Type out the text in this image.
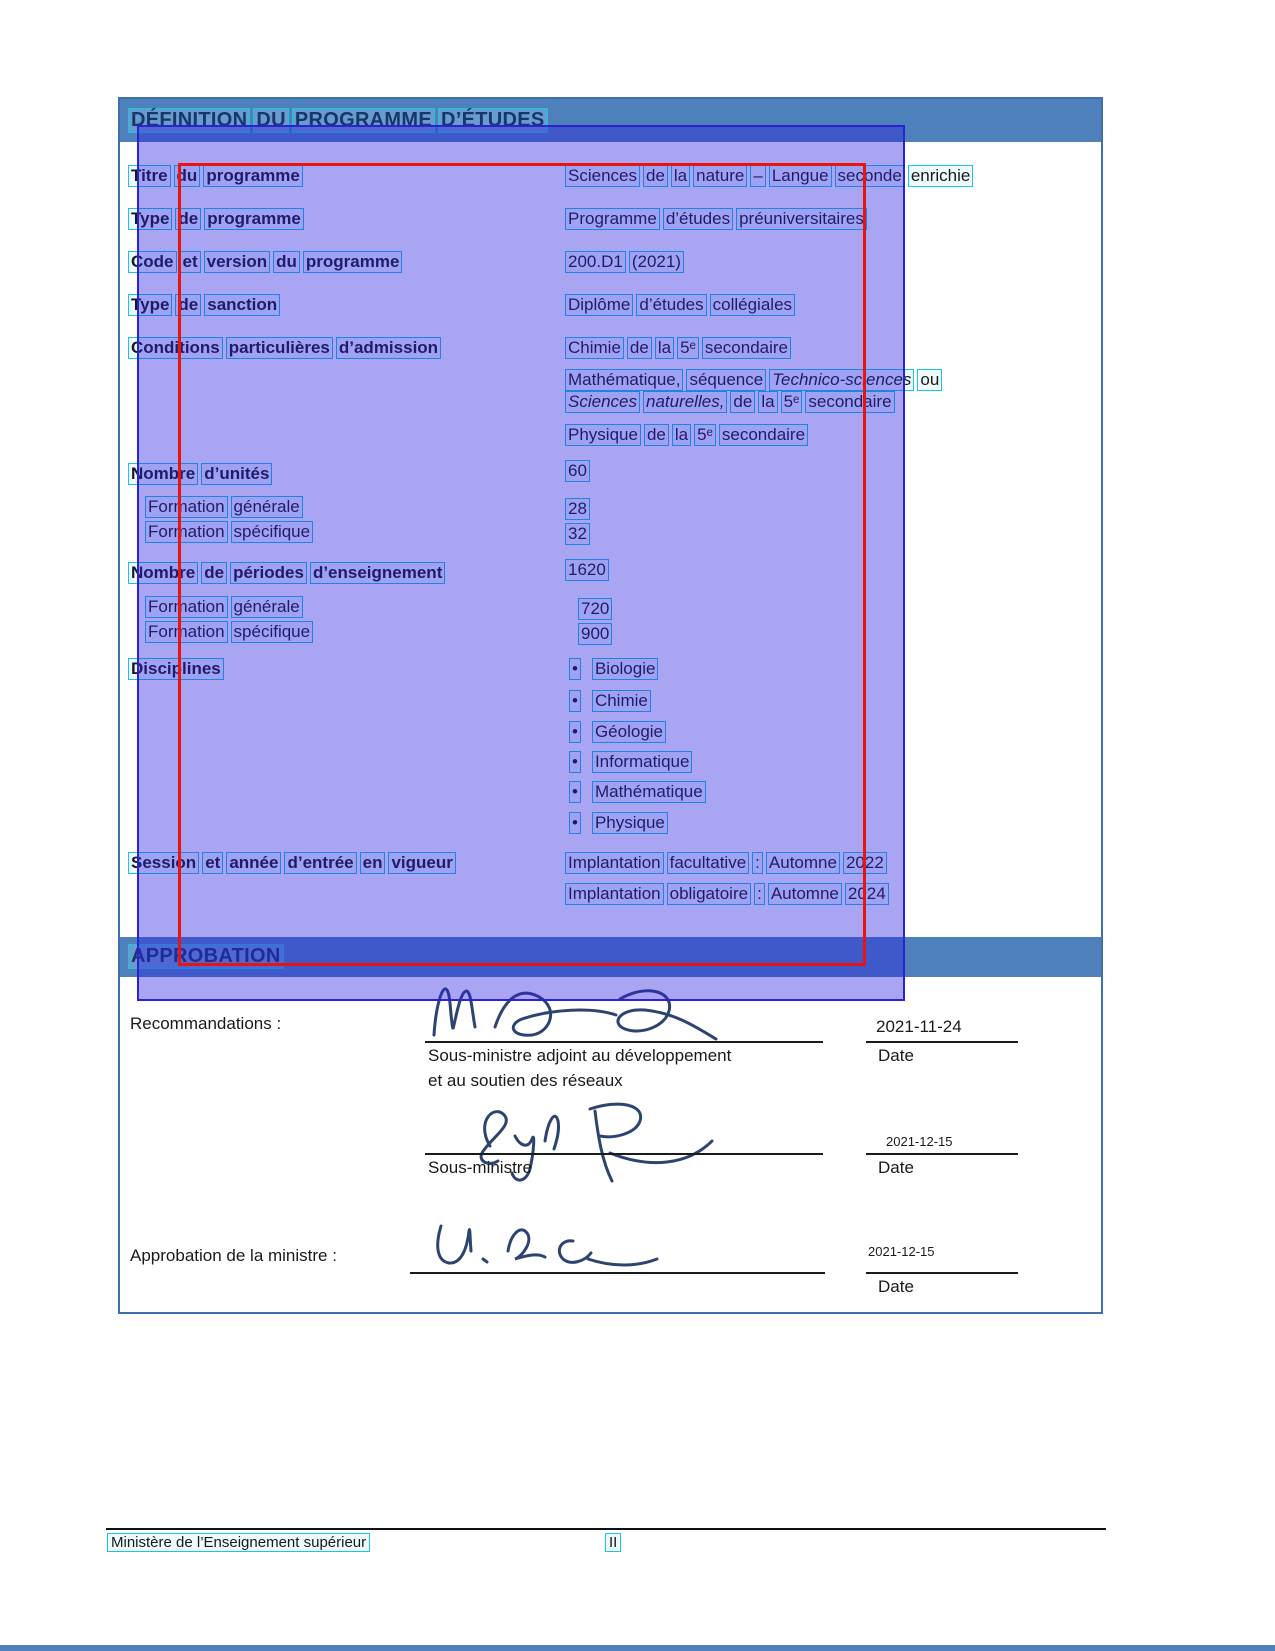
DÉFINITION DU PROGRAMME D’ÉTUDES
Titre du programme	Sciences de la nature – Langue seconde enrichie
Type de programme	Programme d’études préuniversitaires
Code et version du programme	200.D1 (2021)
Type de sanction	Diplôme d’études collégiales
Conditions particulières d’admission	Chimie de la 5ᵉ secondaire
Mathématique, séquence Technico-sciences ou
Sciences naturelles, de la 5ᵉ secondaire
Physique de la 5ᵉ secondaire
Nombre d’unités	60
Formation générale	28
Formation spécifique	32
Nombre de périodes d’enseignement	1620
Formation générale	720
Formation spécifique	900
Disciplines	• Biologie
• Chimie
• Géologie
• Informatique
• Mathématique
• Physique
Session et année d’entrée en vigueur	Implantation facultative : Automne 2022
Implantation obligatoire : Automne 2024
APPROBATION
Recommandations :
Sous-ministre adjoint au développement
et au soutien des réseaux
2021-11-24
Date
Sous-ministre
2021-12-15
Date
Approbation de la ministre :	2021-12-15
Date
Ministère de l’Enseignement supérieur	II
